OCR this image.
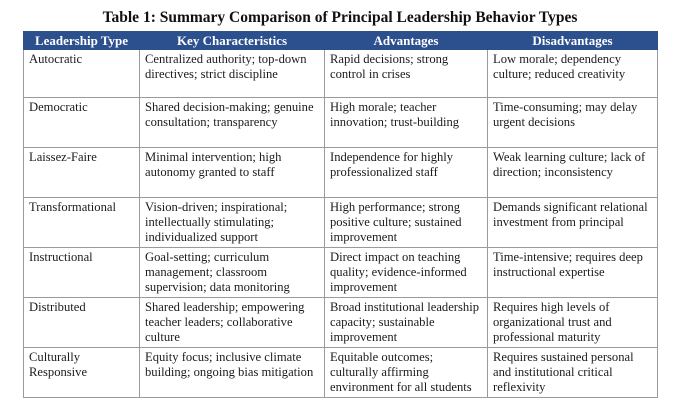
Table 1: Summary Comparison of Principal Leadership Behavior Types
Leadership Type	Key Characteristics	Advantages	Disadvantages
Autocratic	Centralized authority; top-down directives; strict discipline	Rapid decisions; strong control in crises	Low morale; dependency culture; reduced creativity
Democratic	Shared decision-making; genuine consultation; transparency	High morale; teacher innovation; trust-building	Time-consuming; may delay urgent decisions
Laissez-Faire	Minimal intervention; high autonomy granted to staff	Independence for highly professionalized staff	Weak learning culture; lack of direction; inconsistency
Transformational	Vision-driven; inspirational; intellectually stimulating; individualized support	High performance; strong positive culture; sustained improvement	Demands significant relational investment from principal
Instructional	Goal-setting; curriculum management; classroom supervision; data monitoring	Direct impact on teaching quality; evidence-informed improvement	Time-intensive; requires deep instructional expertise
Distributed	Shared leadership; empowering teacher leaders; collaborative culture	Broad institutional leadership capacity; sustainable improvement	Requires high levels of organizational trust and professional maturity
Culturally Responsive	Equity focus; inclusive climate building; ongoing bias mitigation	Equitable outcomes; culturally affirming environment for all students	Requires sustained personal and institutional critical reflexivity
